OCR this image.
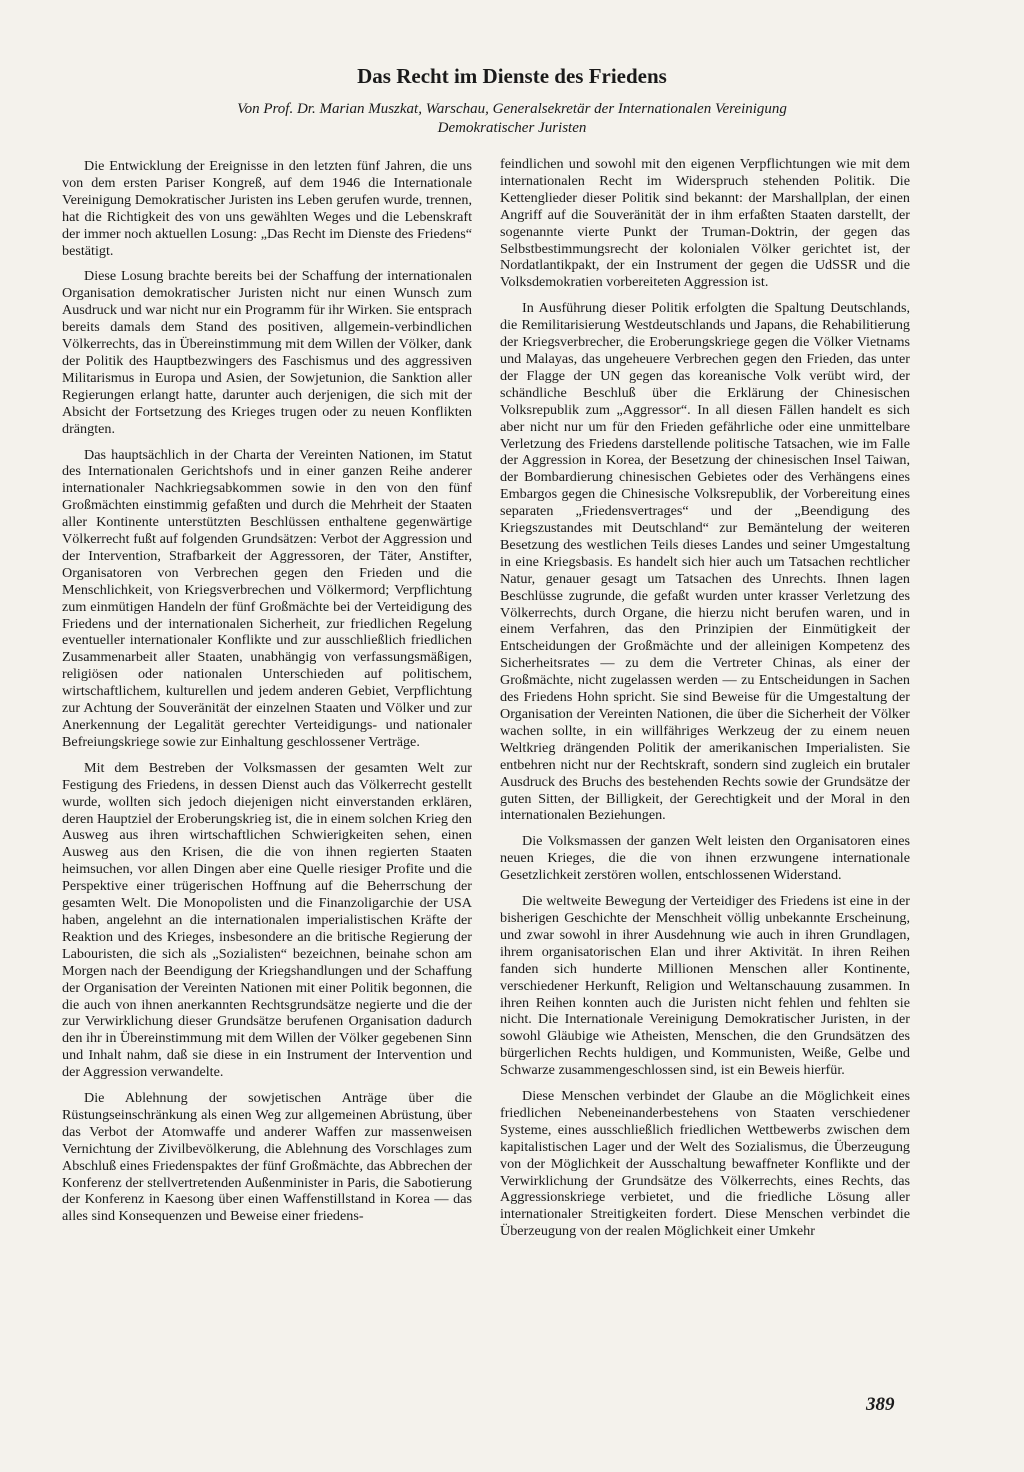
Das Recht im Dienste des Friedens

Von Prof. Dr. Marian Muszkat, Warschau, Generalsekretär der Internationalen Vereinigung
Demokratischer Juristen

Die Entwicklung der Ereignisse in den letzten fünf Jahren, die uns von dem ersten Pariser Kongreß, auf dem 1946 die Internationale Vereinigung Demokratischer Juristen ins Leben gerufen wurde, trennen, hat die Richtigkeit des von uns gewählten Weges und die Lebenskraft der immer noch aktuellen Losung: „Das Recht im Dienste des Friedens“ bestätigt.

Diese Losung brachte bereits bei der Schaffung der internationalen Organisation demokratischer Juristen nicht nur einen Wunsch zum Ausdruck und war nicht nur ein Programm für ihr Wirken. Sie entsprach bereits damals dem Stand des positiven, allgemein-verbindlichen Völkerrechts, das in Übereinstimmung mit dem Willen der Völker, dank der Politik des Hauptbezwingers des Faschismus und des aggressiven Militarismus in Europa und Asien, der Sowjetunion, die Sanktion aller Regierungen erlangt hatte, darunter auch derjenigen, die sich mit der Absicht der Fortsetzung des Krieges trugen oder zu neuen Konflikten drängten.

Das hauptsächlich in der Charta der Vereinten Nationen, im Statut des Internationalen Gerichtshofs und in einer ganzen Reihe anderer internationaler Nachkriegsabkommen sowie in den von den fünf Großmächten einstimmig gefaßten und durch die Mehrheit der Staaten aller Kontinente unterstützten Beschlüssen enthaltene gegenwärtige Völkerrecht fußt auf folgenden Grundsätzen: Verbot der Aggression und der Intervention, Strafbarkeit der Aggressoren, der Täter, Anstifter, Organisatoren von Verbrechen gegen den Frieden und die Menschlichkeit, von Kriegsverbrechen und Völkermord; Verpflichtung zum einmütigen Handeln der fünf Großmächte bei der Verteidigung des Friedens und der internationalen Sicherheit, zur friedlichen Regelung eventueller internationaler Konflikte und zur ausschließlich friedlichen Zusammenarbeit aller Staaten, unabhängig von verfassungsmäßigen, religiösen oder nationalen Unterschieden auf politischem, wirtschaftlichem, kulturellen und jedem anderen Gebiet, Verpflichtung zur Achtung der Souveränität der einzelnen Staaten und Völker und zur Anerkennung der Legalität gerechter Verteidigungs- und nationaler Befreiungskriege sowie zur Einhaltung geschlossener Verträge.

Mit dem Bestreben der Volksmassen der gesamten Welt zur Festigung des Friedens, in dessen Dienst auch das Völkerrecht gestellt wurde, wollten sich jedoch diejenigen nicht einverstanden erklären, deren Hauptziel der Eroberungskrieg ist, die in einem solchen Krieg den Ausweg aus ihren wirtschaftlichen Schwierigkeiten sehen, einen Ausweg aus den Krisen, die die von ihnen regierten Staaten heimsuchen, vor allen Dingen aber eine Quelle riesiger Profite und die Perspektive einer trügerischen Hoffnung auf die Beherrschung der gesamten Welt. Die Monopolisten und die Finanzoligarchie der USA haben, angelehnt an die internationalen imperialistischen Kräfte der Reaktion und des Krieges, insbesondere an die britische Regierung der Labouristen, die sich als „Sozialisten“ bezeichnen, beinahe schon am Morgen nach der Beendigung der Kriegshandlungen und der Schaffung der Organisation der Vereinten Nationen mit einer Politik begonnen, die die auch von ihnen anerkannten Rechtsgrundsätze negierte und die der zur Verwirklichung dieser Grundsätze berufenen Organisation dadurch den ihr in Übereinstimmung mit dem Willen der Völker gegebenen Sinn und Inhalt nahm, daß sie diese in ein Instrument der Intervention und der Aggression verwandelte.

Die Ablehnung der sowjetischen Anträge über die Rüstungseinschränkung als einen Weg zur allgemeinen Abrüstung, über das Verbot der Atomwaffe und anderer Waffen zur massenweisen Vernichtung der Zivilbevölkerung, die Ablehnung des Vorschlages zum Abschluß eines Friedenspaktes der fünf Großmächte, das Abbrechen der Konferenz der stellvertretenden Außenminister in Paris, die Sabotierung der Konferenz in Kaesong über einen Waffenstillstand in Korea — das alles sind Konsequenzen und Beweise einer friedens-

feindlichen und sowohl mit den eigenen Verpflichtungen wie mit dem internationalen Recht im Widerspruch stehenden Politik. Die Kettenglieder dieser Politik sind bekannt: der Marshallplan, der einen Angriff auf die Souveränität der in ihm erfaßten Staaten darstellt, der sogenannte vierte Punkt der Truman-Doktrin, der gegen das Selbstbestimmungsrecht der kolonialen Völker gerichtet ist, der Nordatlantikpakt, der ein Instrument der gegen die UdSSR und die Volksdemokratien vorbereiteten Aggression ist.

In Ausführung dieser Politik erfolgten die Spaltung Deutschlands, die Remilitarisierung Westdeutschlands und Japans, die Rehabilitierung der Kriegsverbrecher, die Eroberungskriege gegen die Völker Vietnams und Malayas, das ungeheuere Verbrechen gegen den Frieden, das unter der Flagge der UN gegen das koreanische Volk verübt wird, der schändliche Beschluß über die Erklärung der Chinesischen Volksrepublik zum „Aggressor“. In all diesen Fällen handelt es sich aber nicht nur um für den Frieden gefährliche oder eine unmittelbare Verletzung des Friedens darstellende politische Tatsachen, wie im Falle der Aggression in Korea, der Besetzung der chinesischen Insel Taiwan, der Bombardierung chinesischen Gebietes oder des Verhängens eines Embargos gegen die Chinesische Volksrepublik, der Vorbereitung eines separaten „Friedensvertrages“ und der „Beendigung des Kriegszustandes mit Deutschland“ zur Bemäntelung der weiteren Besetzung des westlichen Teils dieses Landes und seiner Umgestaltung in eine Kriegsbasis. Es handelt sich hier auch um Tatsachen rechtlicher Natur, genauer gesagt um Tatsachen des Unrechts. Ihnen lagen Beschlüsse zugrunde, die gefaßt wurden unter krasser Verletzung des Völkerrechts, durch Organe, die hierzu nicht berufen waren, und in einem Verfahren, das den Prinzipien der Einmütigkeit der Entscheidungen der Großmächte und der alleinigen Kompetenz des Sicherheitsrates — zu dem die Vertreter Chinas, als einer der Großmächte, nicht zugelassen werden — zu Entscheidungen in Sachen des Friedens Hohn spricht. Sie sind Beweise für die Umgestaltung der Organisation der Vereinten Nationen, die über die Sicherheit der Völker wachen sollte, in ein willfähriges Werkzeug der zu einem neuen Weltkrieg drängenden Politik der amerikanischen Imperialisten. Sie entbehren nicht nur der Rechtskraft, sondern sind zugleich ein brutaler Ausdruck des Bruchs des bestehenden Rechts sowie der Grundsätze der guten Sitten, der Billigkeit, der Gerechtigkeit und der Moral in den internationalen Beziehungen.

Die Volksmassen der ganzen Welt leisten den Organisatoren eines neuen Krieges, die die von ihnen erzwungene internationale Gesetzlichkeit zerstören wollen, entschlossenen Widerstand.

Die weltweite Bewegung der Verteidiger des Friedens ist eine in der bisherigen Geschichte der Menschheit völlig unbekannte Erscheinung, und zwar sowohl in ihrer Ausdehnung wie auch in ihren Grundlagen, ihrem organisatorischen Elan und ihrer Aktivität. In ihren Reihen fanden sich hunderte Millionen Menschen aller Kontinente, verschiedener Herkunft, Religion und Weltanschauung zusammen. In ihren Reihen konnten auch die Juristen nicht fehlen und fehlten sie nicht. Die Internationale Vereinigung Demokratischer Juristen, in der sowohl Gläubige wie Atheisten, Menschen, die den Grundsätzen des bürgerlichen Rechts huldigen, und Kommunisten, Weiße, Gelbe und Schwarze zusammengeschlossen sind, ist ein Beweis hierfür.

Diese Menschen verbindet der Glaube an die Möglichkeit eines friedlichen Nebeneinanderbestehens von Staaten verschiedener Systeme, eines ausschließlich friedlichen Wettbewerbs zwischen dem kapitalistischen Lager und der Welt des Sozialismus, die Überzeugung von der Möglichkeit der Ausschaltung bewaffneter Konflikte und der Verwirklichung der Grundsätze des Völkerrechts, eines Rechts, das Aggressionskriege verbietet, und die friedliche Lösung aller internationaler Streitigkeiten fordert. Diese Menschen verbindet die Überzeugung von der realen Möglichkeit einer Umkehr

389
